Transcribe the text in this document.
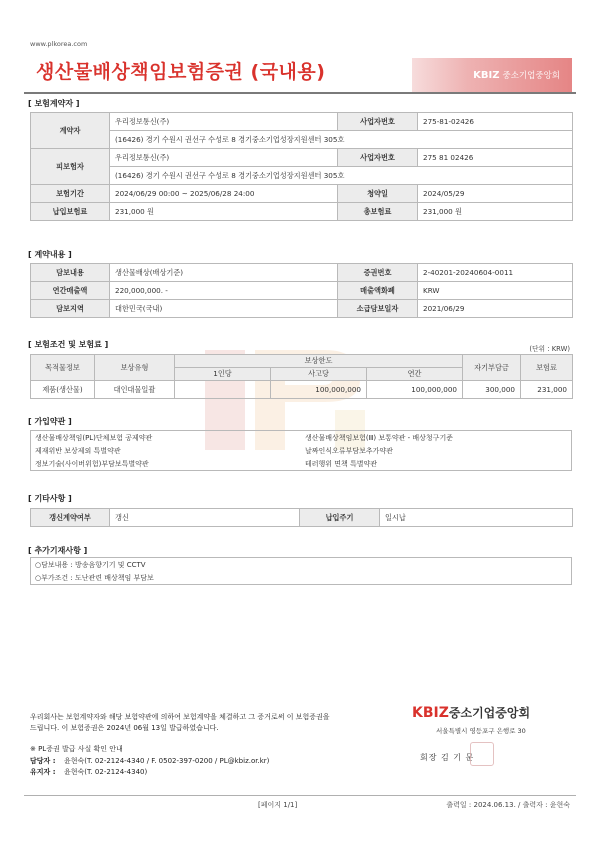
www.plkorea.com
생산물배상책임보험증권 (국내용)	KBIZ 중소기업중앙회
[ 보험계약자 ]
계약자	우리정보통신(주)	사업자번호	275-81-02426
	(16426) 경기 수원시 권선구 수성로 8 경기중소기업성장지원센터 305호		
피보험자	우리정보통신(주)	사업자번호	275 81 02426
	(16426) 경기 수원시 권선구 수성로 8 경기중소기업성장지원센터 305호		
보험기간	2024/06/29 00:00 ~ 2025/06/28 24:00	청약일	2024/05/29
납입보험료	231,000 원	총보험료	231,000 원
[ 계약내용 ]
담보내용	생산물배상(배상기준)	증권번호	2-40201-20240604-0011
연간매출액	220,000,000. -	매출액화폐	KRW
담보지역	대한민국(국내)	소급담보일자	2021/06/29
[ 보험조건 및 보험료 ]	(단위 : KRW)
목적물정보	보상유형	보상한도			자기부담금	보험료
		1인당	사고당	연간		
제품(생산물)	대인대물일괄		100,000,000	100,000,000	300,000	231,000
[ 가입약관 ]
생산물배상책임(PL)단체보험 공제약관	생산물배상책임보험(Ⅲ) 보통약관 - 배상청구기준
제재위반 보상제외 특별약관	날짜인식오류부담보추가약관
정보기술(사이버위험)부담보특별약관	테러행위 면책 특별약관
[ 기타사항 ]
갱신계약여부	갱신	납입주기	일시납
[ 추가기재사항 ]
○담보내용 : 방송음향기기 및 CCTV
○부가조건 : 도난관련 배상책임 부담보
우리회사는 보험계약자와 해당 보험약관에 의하여 보험계약을 체결하고 그 증거로써 이 보험증권을
드립니다. 이 보험증권은 2024년 06월 13일 발급하였습니다.
※ PL증권 발급 사실 확인 안내
담당자 : 윤현숙(T. 02-2124-4340 / F. 0502-397-0200 / PL@kbiz.or.kr)
유지자 : 윤현숙(T. 02-2124-4340)
KBIZ중소기업중앙회
서울특별시 영등포구 은행로 30
회장 김 기 문
[페이지 1/1]	출력일 : 2024.06.13. / 출력자 : 윤현숙
